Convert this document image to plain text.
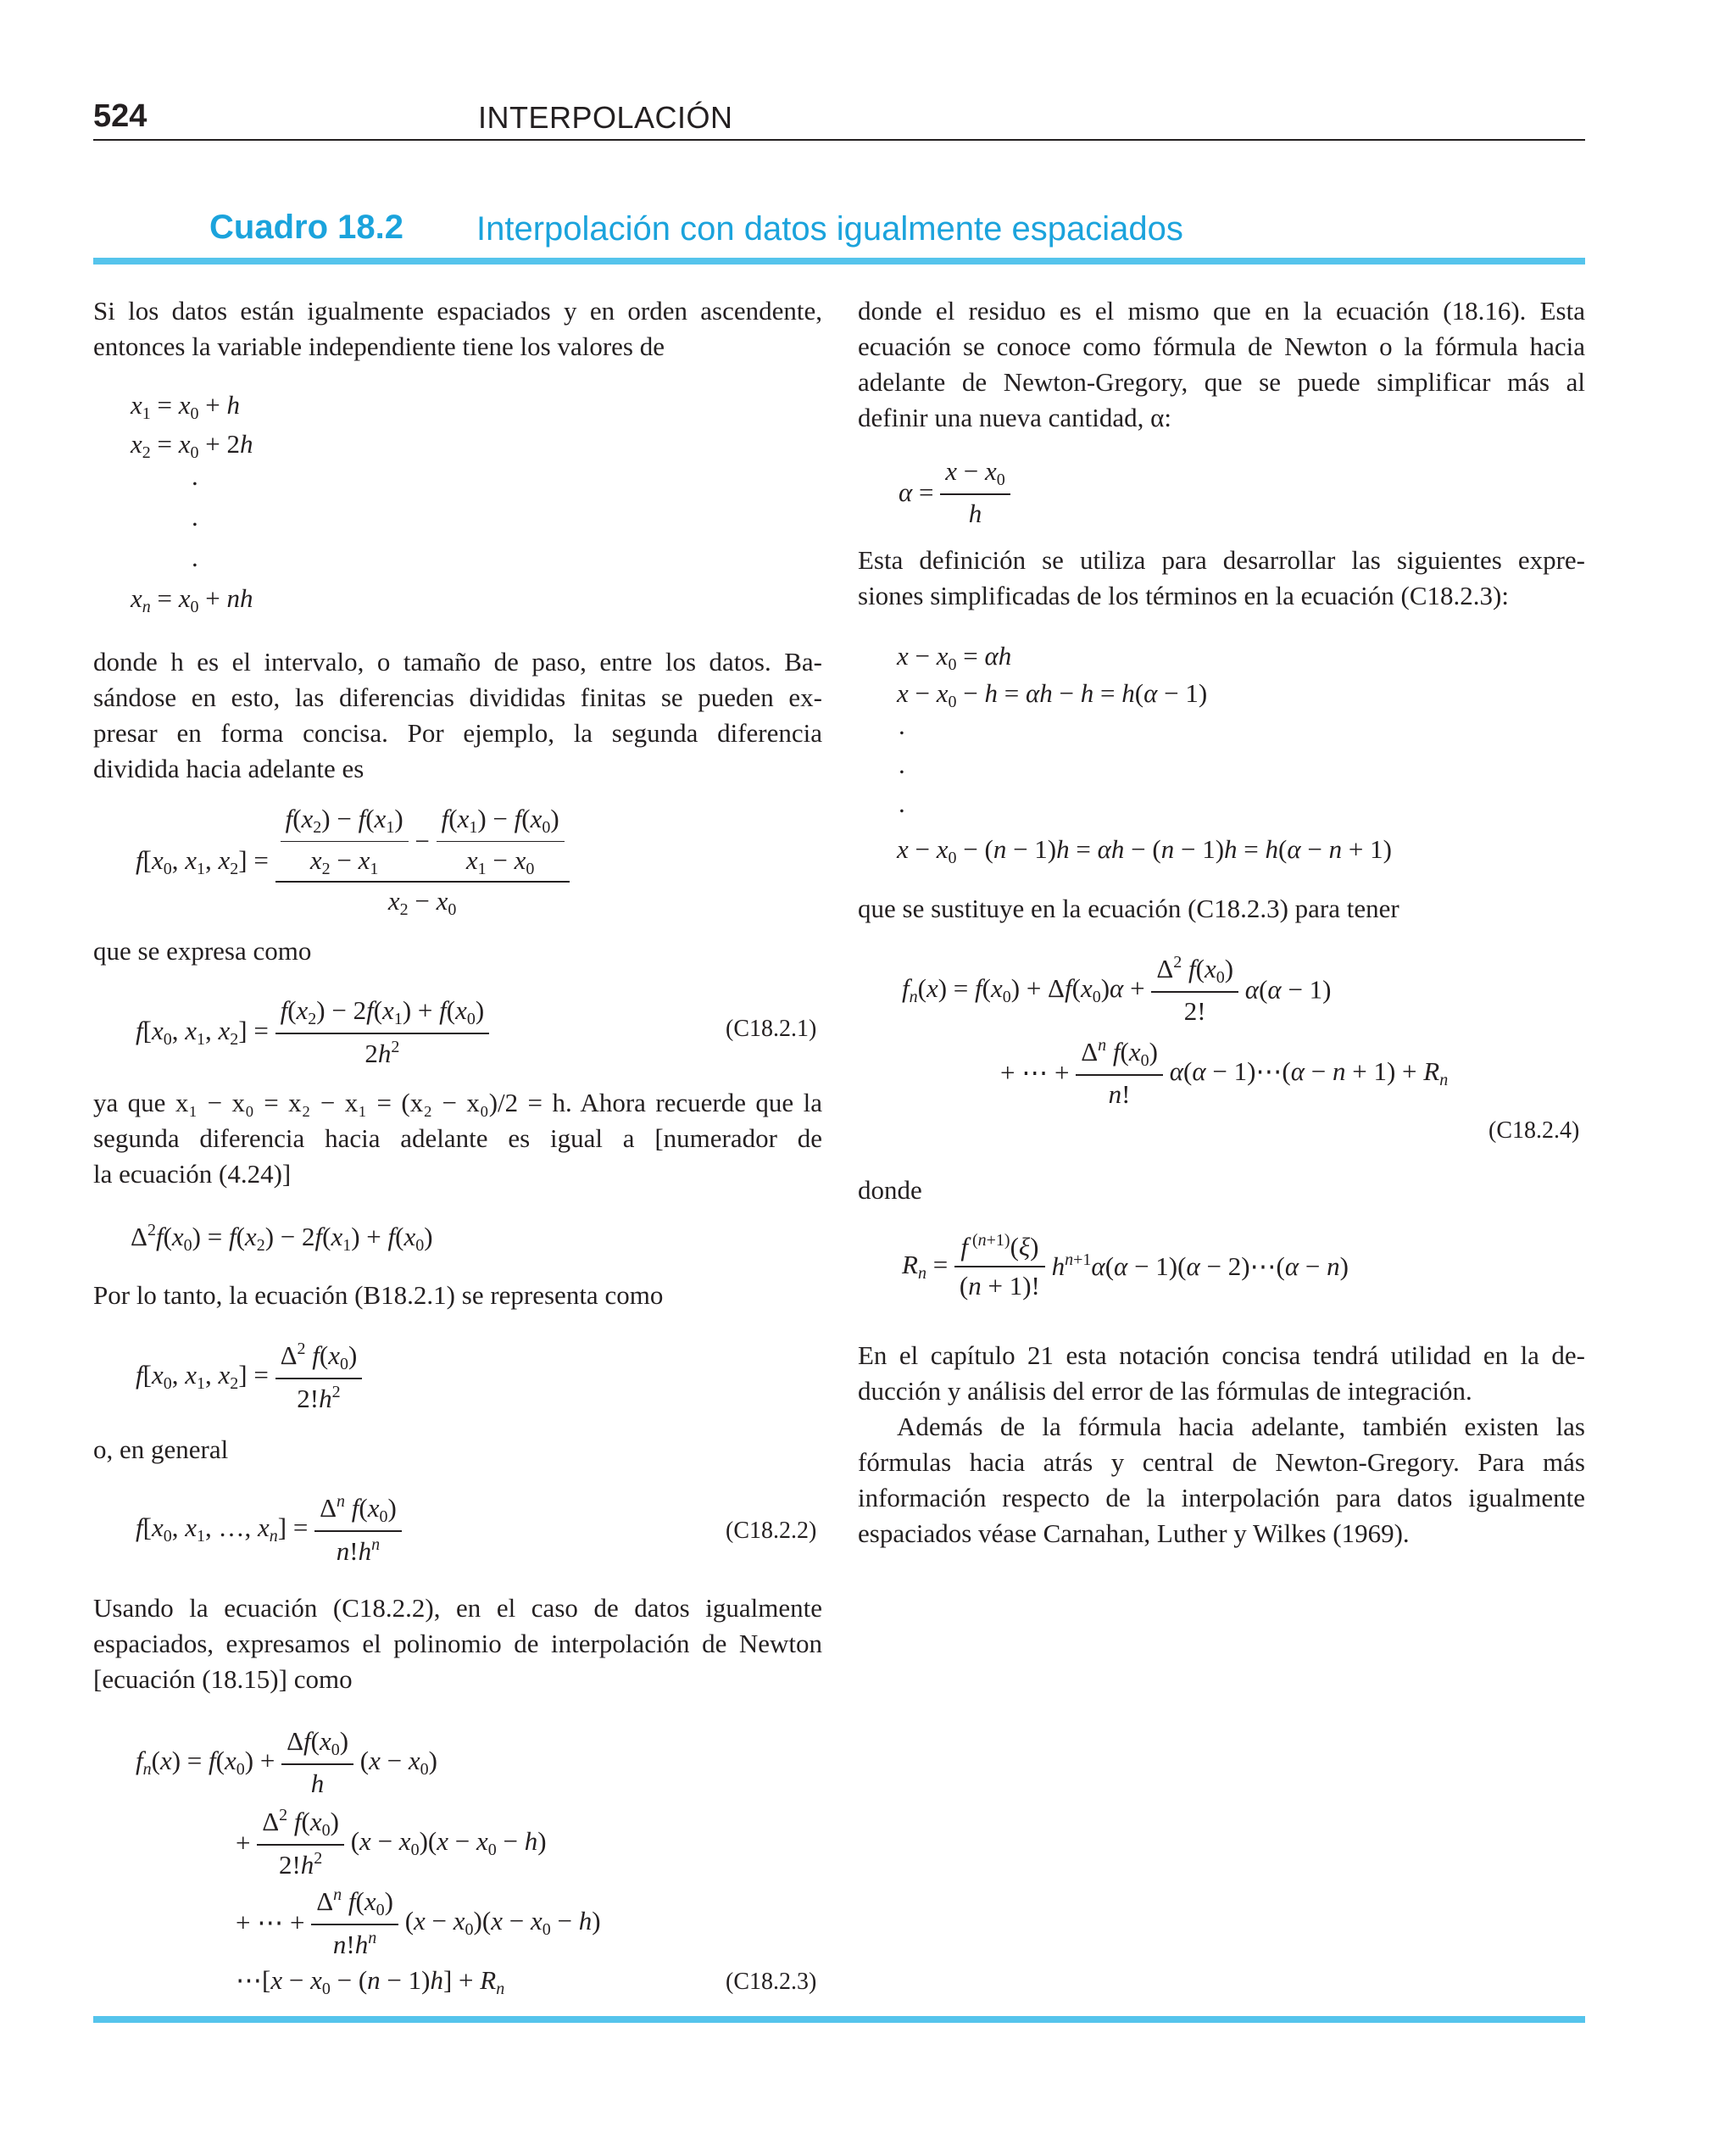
524	INTERPOLACIÓN
Cuadro 18.2 Interpolación con datos igualmente espaciados
Si los datos están igualmente espaciados y en orden ascendente,
entonces la variable independiente tiene los valores de
$x_1 = x_0 + h$
$x_2 = x_0 + 2h$
.
.
.
$x_n = x_0$ + nh
donde h es el intervalo, o tamaño de paso, entre los datos. Ba-
sándose en esto, las diferencias divididas finitas se pueden ex-
presar en forma concisa. Por ejemplo, la segunda diferencia
dividida hacia adelante es
$f[x_0$, $x_1$, $x_2] = \frac{\frac{f(x_2) - f(x_1)}{x_2 - x_1} - \frac{f(x_1) - f(x_0)}{x_1 - x_0}}{x_2 - x_0}$
que se expresa como
$f[x_0$, $x_1$, $x_2] = \frac{f(x_2) - 2f(x_1) + f(x_0)}{2h^2}$	(C18.2.1)
ya que x₁ − x₀ = x₂ − x₁ = (x₂ − x₀)/2 = h. Ahora recuerde que la
segunda diferencia hacia adelante es igual a [numerador de
la ecuación (4.24)]
$\Delta^2f(x_0) = f(x_2) - 2f(x_1) + f(x_0)$
Por lo tanto, la ecuación (B18.2.1) se representa como
$f[x_0$, $x_1$, $x_2] = \frac{\Delta^2 f(x_0)}{2!h^2}$
o, en general
$f[x_0$, $x_1$, …, $x_n] = \frac{\Delta^n f(x_0)}{n!h^n}$	(C18.2.2)
Usando la ecuación (C18.2.2), en el caso de datos igualmente
espaciados, expresamos el polinomio de interpolación de Newton
[ecuación (18.15)] como
$f_n(x) = f(x_0) + \frac{\Delta f(x_0)}{h} (x - x_0)$
+ $\frac{\Delta^2 f(x_0)}{2!h^2} (x - x_0)(x - x_0 - h)$
+ ⋯ + $\frac{\Delta^n f(x_0)}{n!h^n} (x - x_0)(x - x_0 - h)$
⋯[x − $x_0 - (n - 1)h] + R_n$	(C18.2.3)
donde el residuo es el mismo que en la ecuación (18.16). Esta
ecuación se conoce como fórmula de Newton o la fórmula hacia
adelante de Newton-Gregory, que se puede simplificar más al
definir una nueva cantidad, α:
$\alpha = \frac{x - x_0}{h}$
Esta definición se utiliza para desarrollar las siguientes expre-
siones simplificadas de los términos en la ecuación (C18.2.3):
$x - x_0 = \alpha h$
$x - x_0 - h = \alpha h - h = h(\alpha - 1)$
.
.
.
$x - x_0 - (n - 1)h = \alpha h - (n - 1)h = h(\alpha - n + 1)$
que se sustituye en la ecuación (C18.2.3) para tener
$f_n(x) = f(x_0) + \Delta f(x_0)\alpha + \frac{\Delta^2 f(x_0)}{2!} \alpha(\alpha - 1)$
+ ⋯ + $\frac{\Delta^n f(x_0)}{n!} \alpha(\alpha$ − 1)⋯(α − $n + 1) + R_n$
(C18.2.4)
donde
$R_n = \frac{f ^{(n+1)}(\xi)}{(n + 1)!} h^{n+1}\alpha(\alpha - 1)(\alpha$ − 2)⋯(α − n)
En el capítulo 21 esta notación concisa tendrá utilidad en la de-
ducción y análisis del error de las fórmulas de integración.
Además de la fórmula hacia adelante, también existen las
fórmulas hacia atrás y central de Newton-Gregory. Para más
información respecto de la interpolación para datos igualmente
espaciados véase Carnahan, Luther y Wilkes (1969).
